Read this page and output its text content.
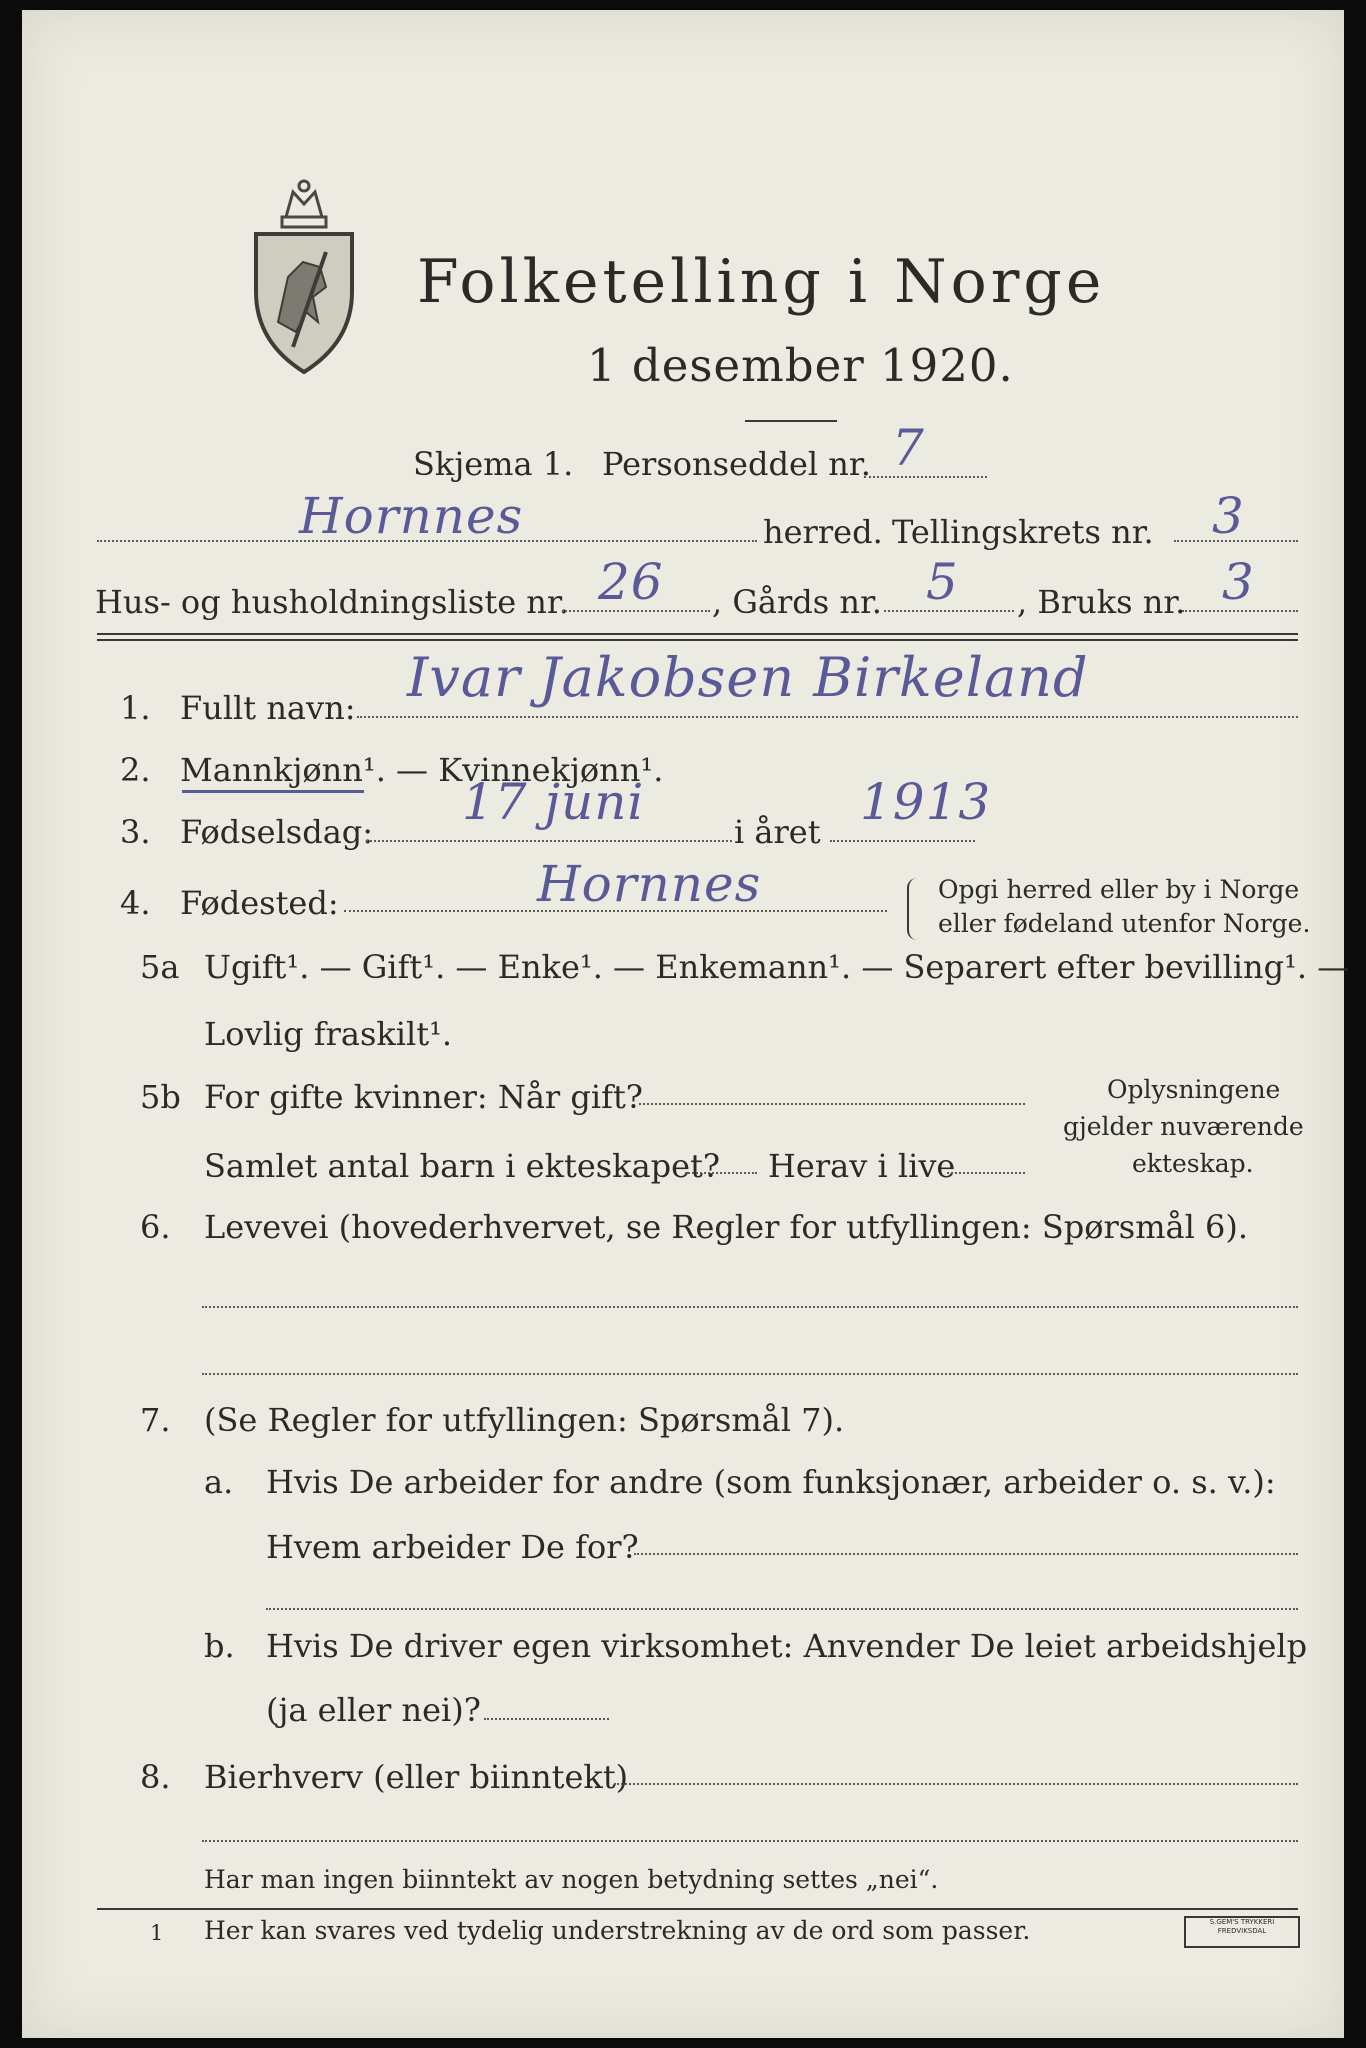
Folketelling i Norge
1 desember 1920.
Skjema 1. Personseddel nr. 7
Hornnes	herred. Tellingskrets nr. 3
Hus- og husholdningsliste nr. 26 , Gårds nr. 5 , Bruks nr. 3
1. Fullt navn: Ivar Jakobsen Birkeland
2. Mannkjønn¹. — Kvinnekjønn¹.
3. Fødselsdag:
17 juni
i året
1913
4. Fødested:	Hornnes	Opgi herred eller by i Norge
eller fødeland utenfor Norge.
5a Ugift¹. — Gift¹. — Enke¹. — Enkemann¹. — Separert efter bevilling¹. —
Lovlig fraskilt¹.
5b For gifte kvinner: Når gift?
Samlet antal barn i ekteskapet? Herav i live
Oplysningene
gjelder nuværende
ekteskap.
6. Levevei (hovederhvervet, se Regler for utfyllingen: Spørsmål 6).
7. (Se Regler for utfyllingen: Spørsmål 7).
a. Hvis De arbeider for andre (som funksjonær, arbeider o. s. v.):
Hvem arbeider De for?
b. Hvis De driver egen virksomhet: Anvender De leiet arbeidshjelp
(ja eller nei)?
8. Bierhverv (eller biinntekt)
Har man ingen biinntekt av nogen betydning settes „nei“.
1 Her kan svares ved tydelig understrekning av de ord som passer.	S.GEM'S TRYKKERI FREDVIKSDAL
